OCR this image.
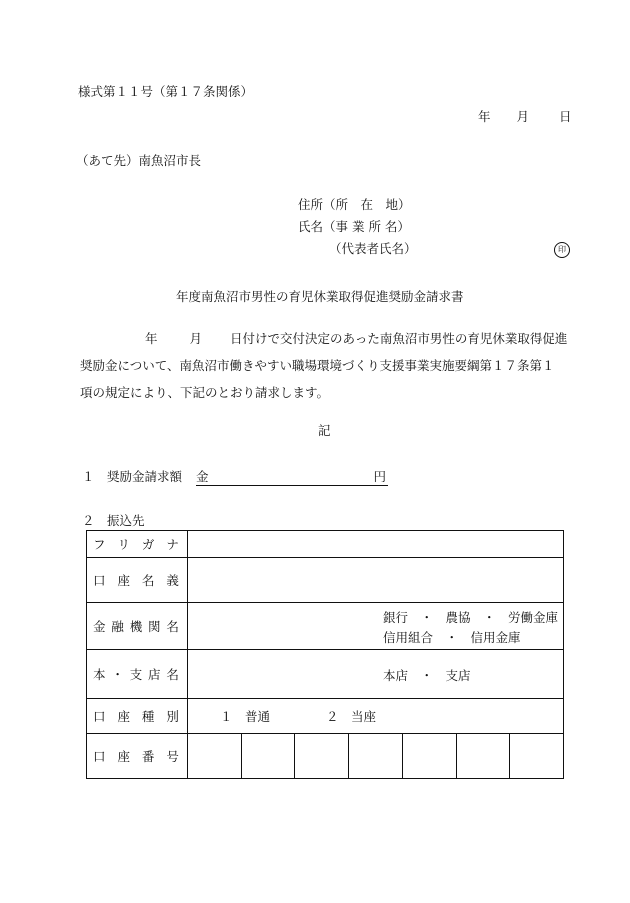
様式第１１号（第１７条関係）
年 月 日
（あて先）南魚沼市長
住所（所　在　地）
氏名（事 業 所 名）
（代表者氏名）	印
年度南魚沼市男性の育児休業取得促進奨励金請求書
年	月 日付けで交付決定のあった南魚沼市男性の育児休業取得促進
奨励金について、南魚沼市働きやすい職場環境づくり支援事業実施要綱第１７条第１
項の規定により、下記のとおり請求します。
記
１　奨励金請求額 金	円
２　振込先
フ リ ガ ナ							

口 座 名 義							

金 融 機 関 名	銀行　・　農協　・　労働金庫
信用組合　・　信用金庫						

本 ・ 支 店 名	本店　・　支店						

口 座 種 別	１　普通 ２　当座						

口 座 番 号							
